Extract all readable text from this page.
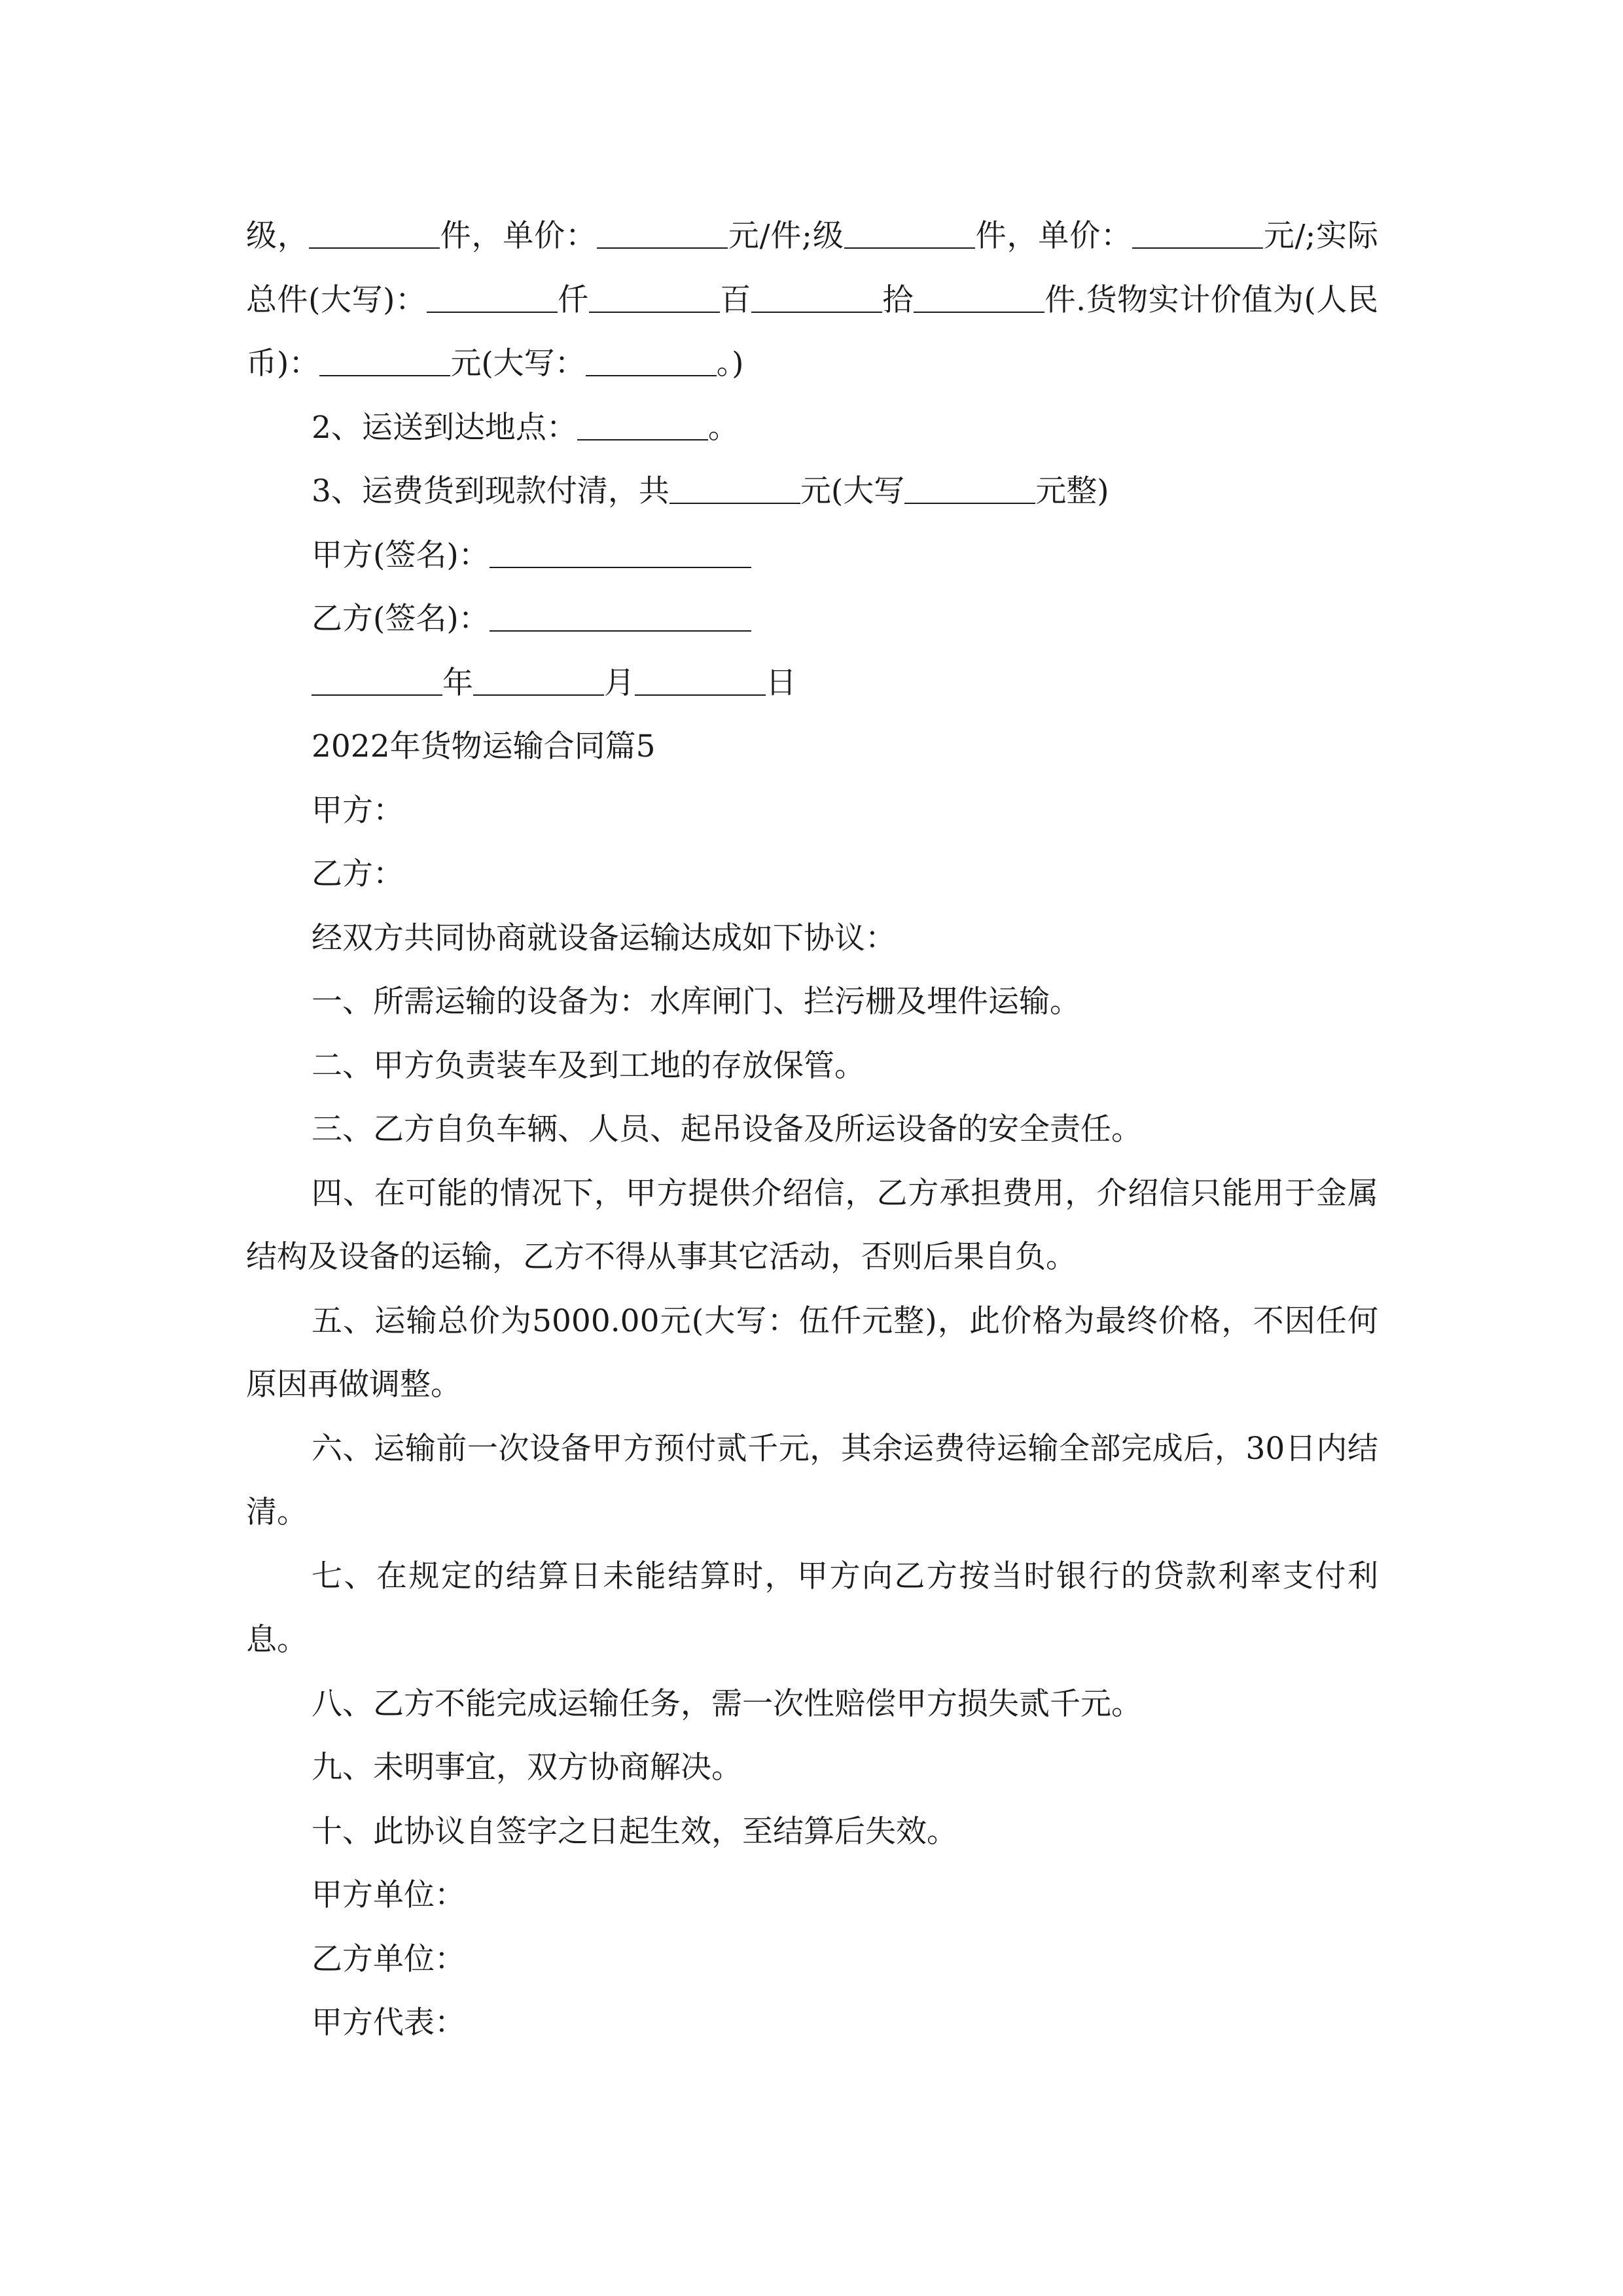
级，	件，单价：	元/件;级	件，单价：	元/;实际总件(大写)：	仟	百	拾	件.货物实计价值为(人民币)：	元(大写：	。)

2、运送到达地点：	。

3、运费货到现款付清，共	元(大写	元整)

甲方(签名)：

乙方(签名)：

年	月	日

2022年货物运输合同篇5

甲方：

乙方：

经双方共同协商就设备运输达成如下协议：

一、所需运输的设备为：水库闸门、拦污栅及埋件运输。

二、甲方负责装车及到工地的存放保管。

三、乙方自负车辆、人员、起吊设备及所运设备的安全责任。

四、在可能的情况下，甲方提供介绍信，乙方承担费用，介绍信只能用于金属结构及设备的运输，乙方不得从事其它活动，否则后果自负。

五、运输总价为5000.00元(大写：伍仟元整)，此价格为最终价格，不因任何原因再做调整。

六、运输前一次设备甲方预付贰千元，其余运费待运输全部完成后，30日内结清。

七、在规定的结算日未能结算时，甲方向乙方按当时银行的贷款利率支付利息。

八、乙方不能完成运输任务，需一次性赔偿甲方损失贰千元。

九、未明事宜，双方协商解决。

十、此协议自签字之日起生效，至结算后失效。

甲方单位：

乙方单位：

甲方代表：
